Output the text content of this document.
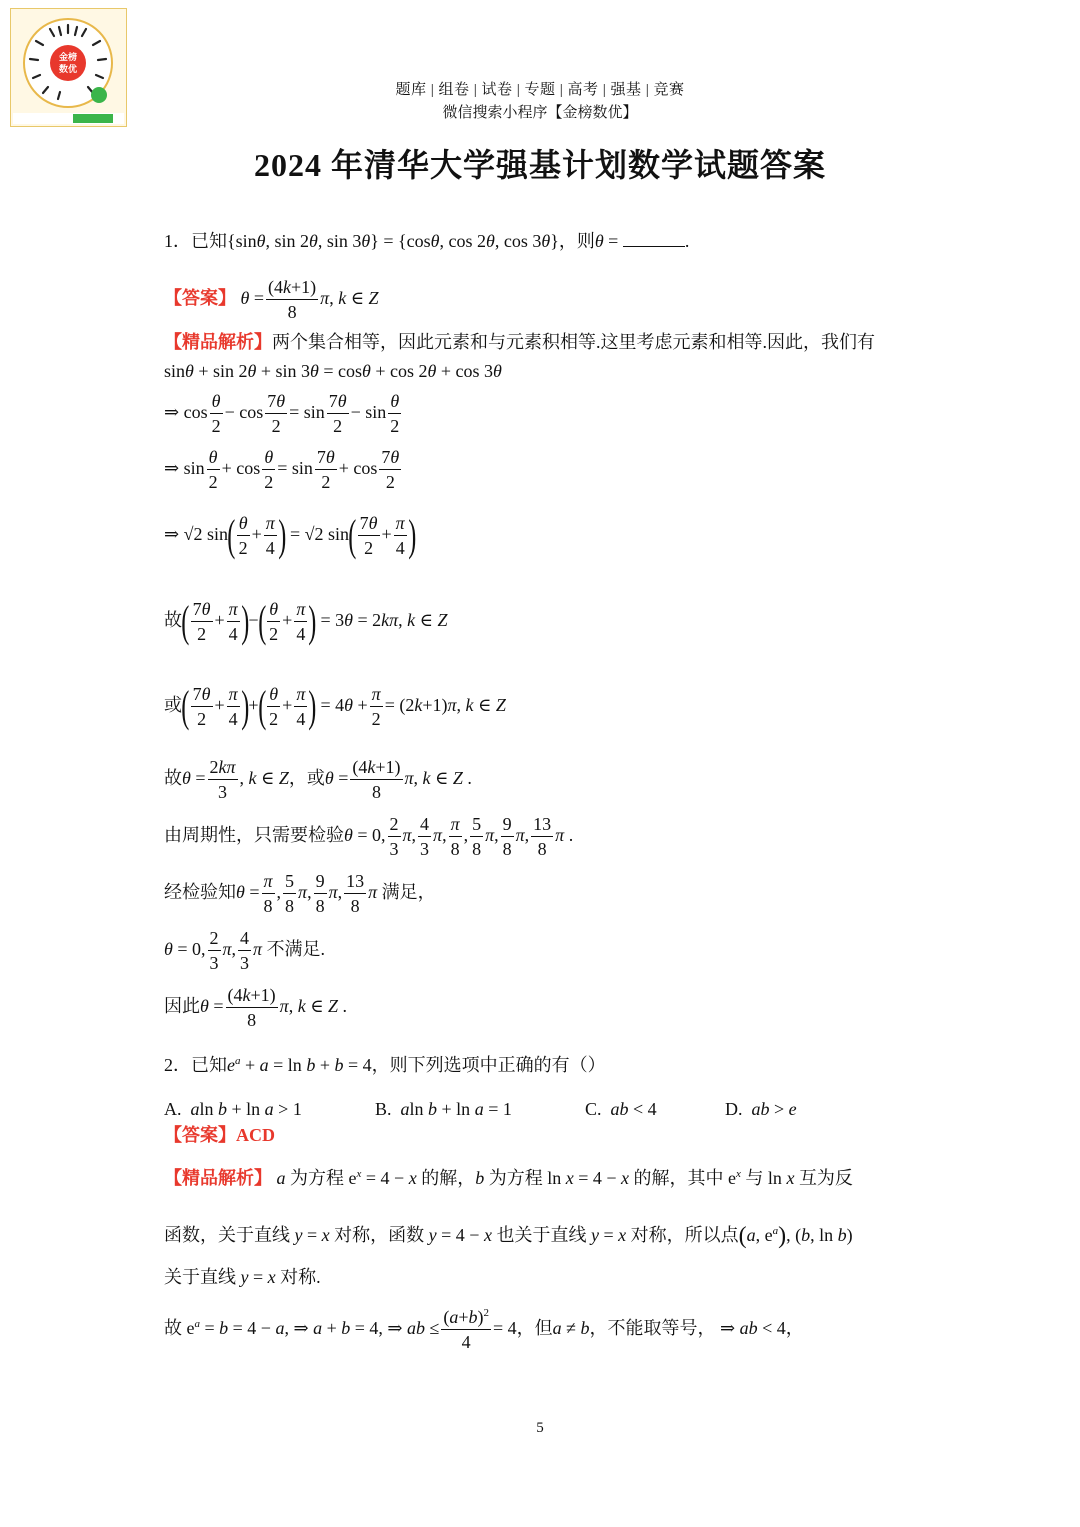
金榜
数优
题库 | 组卷 | 试卷 | 专题 | 高考 | 强基 | 竞赛
微信搜索小程序【金榜数优】
2024 年清华大学强基计划数学试题答案
1．已知{sinθ, sin 2θ, sin 3θ} = {cosθ, cos 2θ, cos 3θ}，则θ =	.
【答案】 $\theta = \frac{(4k+1)}{8} \pi$, k ∈ Z
【精品解析】两个集合相等，因此元素和与元素积相等.这里考虑元素和相等.因此，我们有
sinθ + sin 2θ + sin 3θ = cosθ + cos 2θ + cos 3θ
⇒ $\cos \frac{\theta}{2} - \cos \frac{7\theta}{2} = \sin \frac{7\theta}{2} - \sin \frac{\theta}{2}$
⇒ $\sin \frac{\theta}{2} + \cos \frac{\theta}{2} = \sin \frac{7\theta}{2} + \cos \frac{7\theta}{2}$
⇒ √2 $\sin( \frac{\theta}{2} + \frac{\pi}{4}$ ) = √2 $\sin( \frac{7\theta}{2} + \frac{\pi}{4}$ )
故( $\frac{7\theta}{2} + \frac{\pi}{4}$ )−( $\frac{\theta}{2} + \frac{\pi}{4}$ ) = 3θ = 2kπ, k ∈ Z
或( $\frac{7\theta}{2} + \frac{\pi}{4}$ )+( $\frac{\theta}{2} + \frac{\pi}{4}$ ) = $4\theta + \frac{\pi}{2} = (2k+1)\pi$, k ∈ Z
故$\theta = \frac{2k\pi}{3}$ , k ∈ Z，或$\theta = \frac{(4k+1)}{8} \pi$, k ∈ Z .
由周期性，只需要检验θ = 0, $\frac{2}{3} \pi$, $\frac{4}{3} \pi$, $\frac{\pi}{8}$ , $\frac{5}{8} \pi$, $\frac{9}{8} \pi$, $\frac{13}{8}$ π .
经检验知$\theta = \frac{\pi}{8}$ , $\frac{5}{8} \pi$, $\frac{9}{8} \pi$, $\frac{13}{8}$ π 满足，
θ = 0, $\frac{2}{3} \pi$, $\frac{4}{3}$ π 不满足.
因此$\theta = \frac{(4k+1)}{8} \pi$, k ∈ Z .
2．已知$e^a + a = \ln b + b = 4$，则下列选项中正确的有（）
A. aln b + ln a > 1	B. aln b + ln a = 1	C. ab < 4	D. ab > e
【答案】ACD
【精品解析】 a 为方程 $e^x = 4 - x$ 的解，b 为方程 ln x = 4 − x 的解，其中 $e^x$ 与 ln x 互为反
函数，关于直线 y = x 对称，函数 y = 4 − x 也关于直线 y = x 对称，所以点(a, $e^a$), (b, ln b)
关于直线 y = x 对称.
故 $e^a = b = 4 - a$, ⇒ a + b = 4, ⇒ ab ≤ $\frac{(a+b)^2}{4} = 4$，但a ≠ b，不能取等号， ⇒ ab < 4，
5
